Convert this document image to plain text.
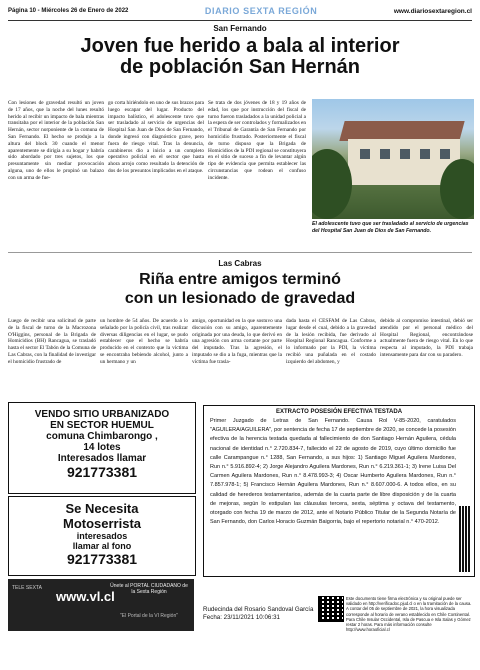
Página 10 - Miércoles 26 de Enero de 2022	DIARIO SEXTA REGIÓN	www.diariosextaregion.cl
San Fernando
Joven fue herido a bala al interior
de población San Hernán
Con lesiones de gravedad resultó un joven de 17 años, que la noche del lunes resultó herido al recibir un impacto de bala mientras transitaba por el interior de la población San Hernán, sector norponiente de la comuna de San Fernando. El hecho se produjo a la altura del block 30 cuando el menor aparentemente se dirigía a su hogar y habría sido abordado por tres sujetos, los que presuntamente sin mediar provocación alguna, uno de ellos le propinó un balazo con un arma de fue-
go corta hiriéndolo en uno de sus brazos para luego escapar del lugar. Producto del impacto balístico, el adolescente tuvo que ser trasladado al servicio de urgencias del Hospital San Juan de Dios de San Fernando, donde ingresó con diagnóstico grave, pero fuera de riesgo vital. Tras la denuncia, carabineros dio a inicio a un completo operativo policial en el sector que hasta ahora arrojo como resultado la detención de dos de los presuntos implicados en el ataque.
Se trata de dos jóvenes de 18 y 19 años de edad, los que por instrucción del fiscal de turno fueron trasladados a la unidad policial a la espera de ser controlados y formalizados en el Tribunal de Garantía de San Fernando por homicidio frustrado. Posteriormente el fiscal de turno dispuso que la Brigada de Homicidios de la PDI regional se constituyera en el sitio de suceso a fin de levantar algún tipo de evidencia que permita establecer las circunstancias que rodean el confuso incidente.
El adolescente tuvo que ser trasladado al servicio de urgencias del Hospital San Juan de Dios de San Fernando.
Las Cabras
Riña entre amigos terminó
con un lesionado de gravedad
Luego de recibir una solicitud de parte de la fiscal de turno de la Macrozona O'Higgins, personal de la Brigada de Homicidios (BH) Rancagua, se trasladó hasta el sector El Tabón de la Comuna de Las Cabras, con la finalidad de investigar el homicidio frustrado de
un hombre de 54 años. De acuerdo a lo señalado por la policía civil, tras realizar diversas diligencias en el lugar, se pudo establecer que el hecho se habría producido en el contexto que la víctima se encontraba bebiendo alcohol, junto a un hermano y un
amigo, oportunidad en la que sostuvo una discusión con su amigo, aparentemente originada por una deuda, lo que derivó en una agresión con arma cortante por parte del imputado. Tras la agresión, el imputado se dio a la fuga, mientras que la víctima fue trasla-
dada hasta el CESFAM de Las Cabras, lugar desde el cual, debido a la gravedad de la lesión recibida, fue derivado al Hospital Regional Rancagua. Conforme a lo informado por la PDI, la víctima recibió una puñalada en el costado izquierdo del abdomen, y
debido al compromiso intestinal, debió ser atendido por el personal médico del Hospital Regional, encontrándose actualmente fuera de riesgo vital. En lo que respecta al imputado, la PDI trabaja intensamente para dar con su paradero.
VENDO SITIO URBANIZADO
EN SECTOR HUEMUL
comuna Chimbarongo ,
14 lotes
Interesados llamar
921773381
Se Necesita
Motoserrista
interesados
llamar al fono
921773381
EXTRACTO POSESIÓN EFECTIVA TESTADA
Primer Juzgado de Letras de San Fernando. Causa Rol V-85-2020, caratulados "AGUILERA/AGUILERA", por sentencia de fecha 17 de septiembre de 2020, se concede la posesión efectiva de la herencia testada quedada al fallecimiento de don Santiago Hernán Aguilera, cédula nacional de identidad n.° 2.720.834-7, fallecido el 22 de agosto de 2019, cuyo último domicilio fue calle Carampangue n.° 1288, San Fernando, a sus hijos: 1) Santiago Miguel Aguilera Mardones, Run n.° 5.916.892-4; 2) Jorge Alejandro Aguilera Mardones, Run n.° 6.219.361-1; 3) Irene Luisa Del Carmen Aguilera Mardones, Run n.° 8.478.993-3; 4) Oscar Humberto Aguilera Mardones, Run n.° 7.857.978-1; 5) Francisco Hernán Aguilera Mardones, Run n.° 8.607.000-6. A todos ellos, en su calidad de herederos testamentarios, además de la cuarta parte de libre disposición y de la cuarta de mejoras, según lo estipulan las cláusulas tercera, sexta, séptima y octava del testamento, otorgado con fecha 19 de marzo de 2012, ante el Notario Público Titular de la Segunda Notaría de San Fernando, don Carlos Horacio Guzmán Baigorria, bajo el repertorio notarial n.° 470-2012.
TELE SEXTA
www.vl.cl
Únete al PORTAL CIUDADANO de la Sexta Región
"El Portal de la VI Región"
Rudecinda del Rosario Sandoval García
Fecha: 23/11/2021 10:06:31
Este documento tiene firma electrónica y su original puede ser validado en http://verificadoc.pjud.cl o en la tramitación de la causa. A contar del 05 de septiembre de 2021, la hora visualizada corresponde al horario de verano establecido en Chile Continental. Para Chile Insular Occidental, Isla de Pascua e Isla Salas y Gómez restar 2 horas. Para más información consulte http://www.horaoficial.cl
